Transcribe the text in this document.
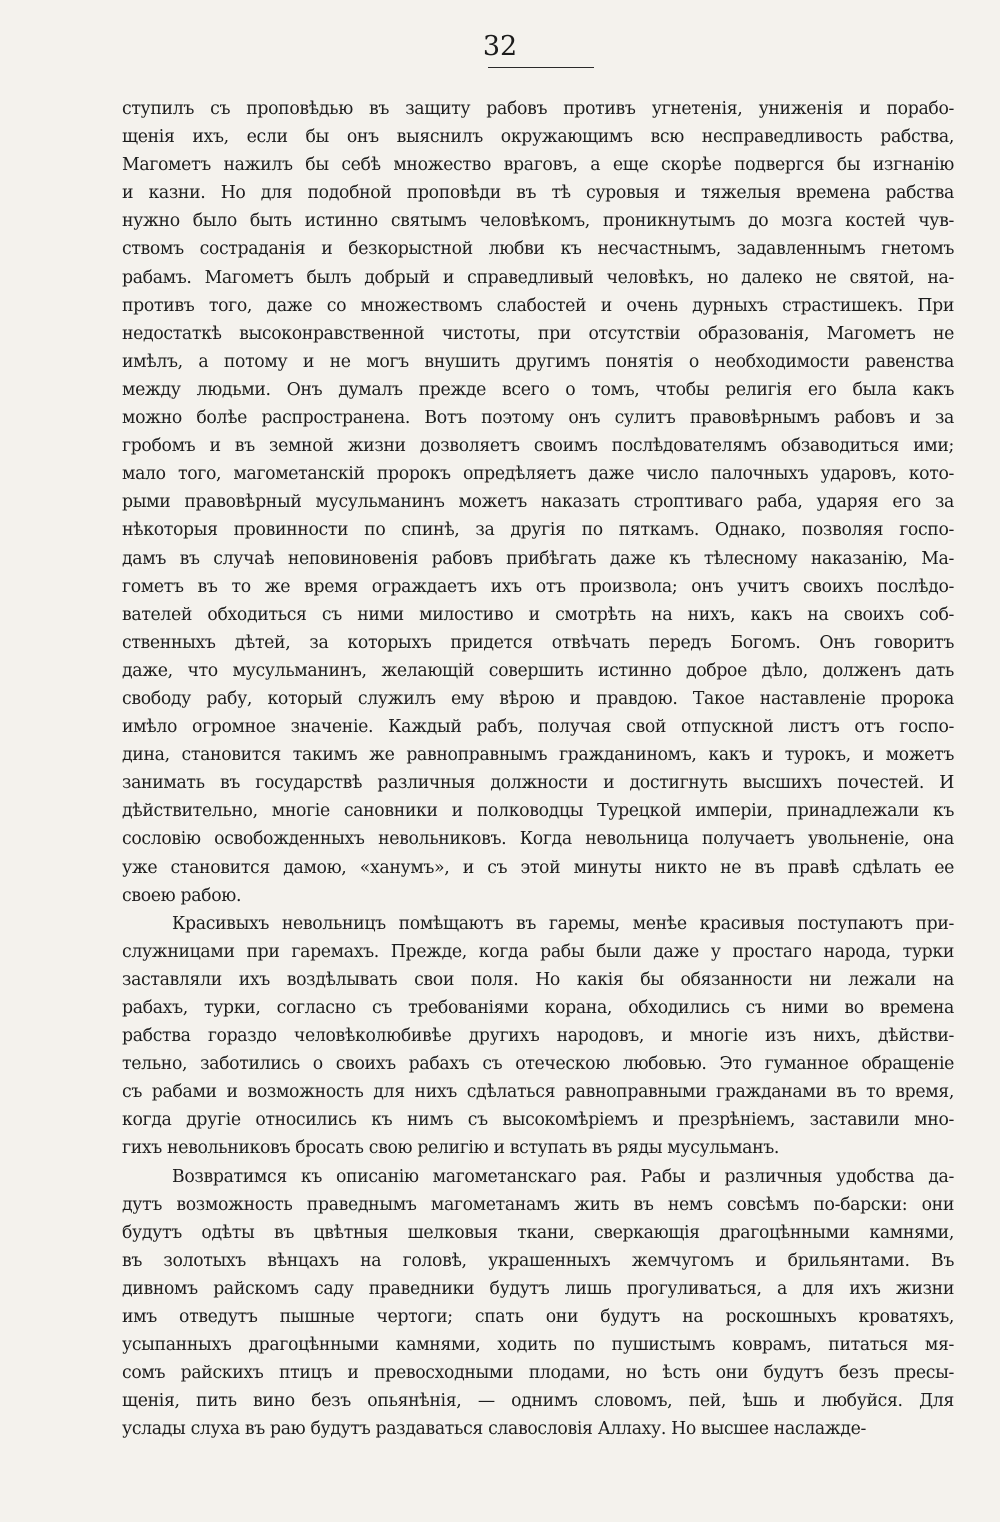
32
ступилъ съ проповѣдью въ защиту рабовъ противъ угнетенія, униженія и порабо-
щенія ихъ, если бы онъ выяснилъ окружающимъ всю несправедливость рабства,
Магометъ нажилъ бы себѣ множество враговъ, а еще скорѣе подвергся бы изгнанію
и казни. Но для подобной проповѣди въ тѣ суровыя и тяжелыя времена рабства
нужно было быть истинно святымъ человѣкомъ, проникнутымъ до мозга костей чув-
ствомъ состраданія и безкорыстной любви къ несчастнымъ, задавленнымъ гнетомъ
рабамъ. Магометъ былъ добрый и справедливый человѣкъ, но далеко не святой, на-
противъ того, даже со множествомъ слабостей и очень дурныхъ страстишекъ. При
недостаткѣ высоконравственной чистоты, при отсутствіи образованія, Магометъ не
имѣлъ, а потому и не могъ внушить другимъ понятія о необходимости равенства
между людьми. Онъ думалъ прежде всего о томъ, чтобы религія его была какъ
можно болѣе распространена. Вотъ поэтому онъ сулитъ правовѣрнымъ рабовъ и за
гробомъ и въ земной жизни дозволяетъ своимъ послѣдователямъ обзаводиться ими;
мало того, магометанскій пророкъ опредѣляетъ даже число палочныхъ ударовъ, кото-
рыми правовѣрный мусульманинъ можетъ наказать строптиваго раба, ударяя его за
нѣкоторыя провинности по спинѣ, за другія по пяткамъ. Однако, позволяя госпо-
дамъ въ случаѣ неповиновенія рабовъ прибѣгать даже къ тѣлесному наказанію, Ма-
гометъ въ то же время ограждаетъ ихъ отъ произвола; онъ учитъ своихъ послѣдо-
вателей обходиться съ ними милостиво и смотрѣть на нихъ, какъ на своихъ соб-
ственныхъ дѣтей, за которыхъ придется отвѣчать передъ Богомъ. Онъ говоритъ
даже, что мусульманинъ, желающій совершить истинно доброе дѣло, долженъ дать
свободу рабу, который служилъ ему вѣрою и правдою. Такое наставленіе пророка
имѣло огромное значеніе. Каждый рабъ, получая свой отпускной листъ отъ госпо-
дина, становится такимъ же равноправнымъ гражданиномъ, какъ и турокъ, и можетъ
занимать въ государствѣ различныя должности и достигнуть высшихъ почестей. И
дѣйствительно, многіе сановники и полководцы Турецкой имперіи, принадлежали къ
сословію освобожденныхъ невольниковъ. Когда невольница получаетъ увольненіе, она
уже становится дамою, «ханумъ», и съ этой минуты никто не въ правѣ сдѣлать ее
своею рабою.
Красивыхъ невольницъ помѣщаютъ въ гаремы, менѣе красивыя поступаютъ при-
служницами при гаремахъ. Прежде, когда рабы были даже у простаго народа, турки
заставляли ихъ воздѣлывать свои поля. Но какія бы обязанности ни лежали на
рабахъ, турки, согласно съ требованіями корана, обходились съ ними во времена
рабства гораздо человѣколюбивѣе другихъ народовъ, и многіе изъ нихъ, дѣйстви-
тельно, заботились о своихъ рабахъ съ отеческою любовью. Это гуманное обращеніе
съ рабами и возможность для нихъ сдѣлаться равноправными гражданами въ то время,
когда другіе относились къ нимъ съ высокомѣріемъ и презрѣніемъ, заставили мно-
гихъ невольниковъ бросать свою религію и вступать въ ряды мусульманъ.
Возвратимся къ описанію магометанскаго рая. Рабы и различныя удобства да-
дутъ возможность праведнымъ магометанамъ жить въ немъ совсѣмъ по-барски: они
будутъ одѣты въ цвѣтныя шелковыя ткани, сверкающія драгоцѣнными камнями,
въ золотыхъ вѣнцахъ на головѣ, украшенныхъ жемчугомъ и брильянтами. Въ
дивномъ райскомъ саду праведники будутъ лишь прогуливаться, а для ихъ жизни
имъ отведутъ пышные чертоги; спать они будутъ на роскошныхъ кроватяхъ,
усыпанныхъ драгоцѣнными камнями, ходить по пушистымъ коврамъ, питаться мя-
сомъ райскихъ птицъ и превосходными плодами, но ѣсть они будутъ безъ пресы-
щенія, пить вино безъ опьянѣнія, — однимъ словомъ, пей, ѣшь и любуйся. Для
услады слуха въ раю будутъ раздаваться славословія Аллаху. Но высшее наслажде-
